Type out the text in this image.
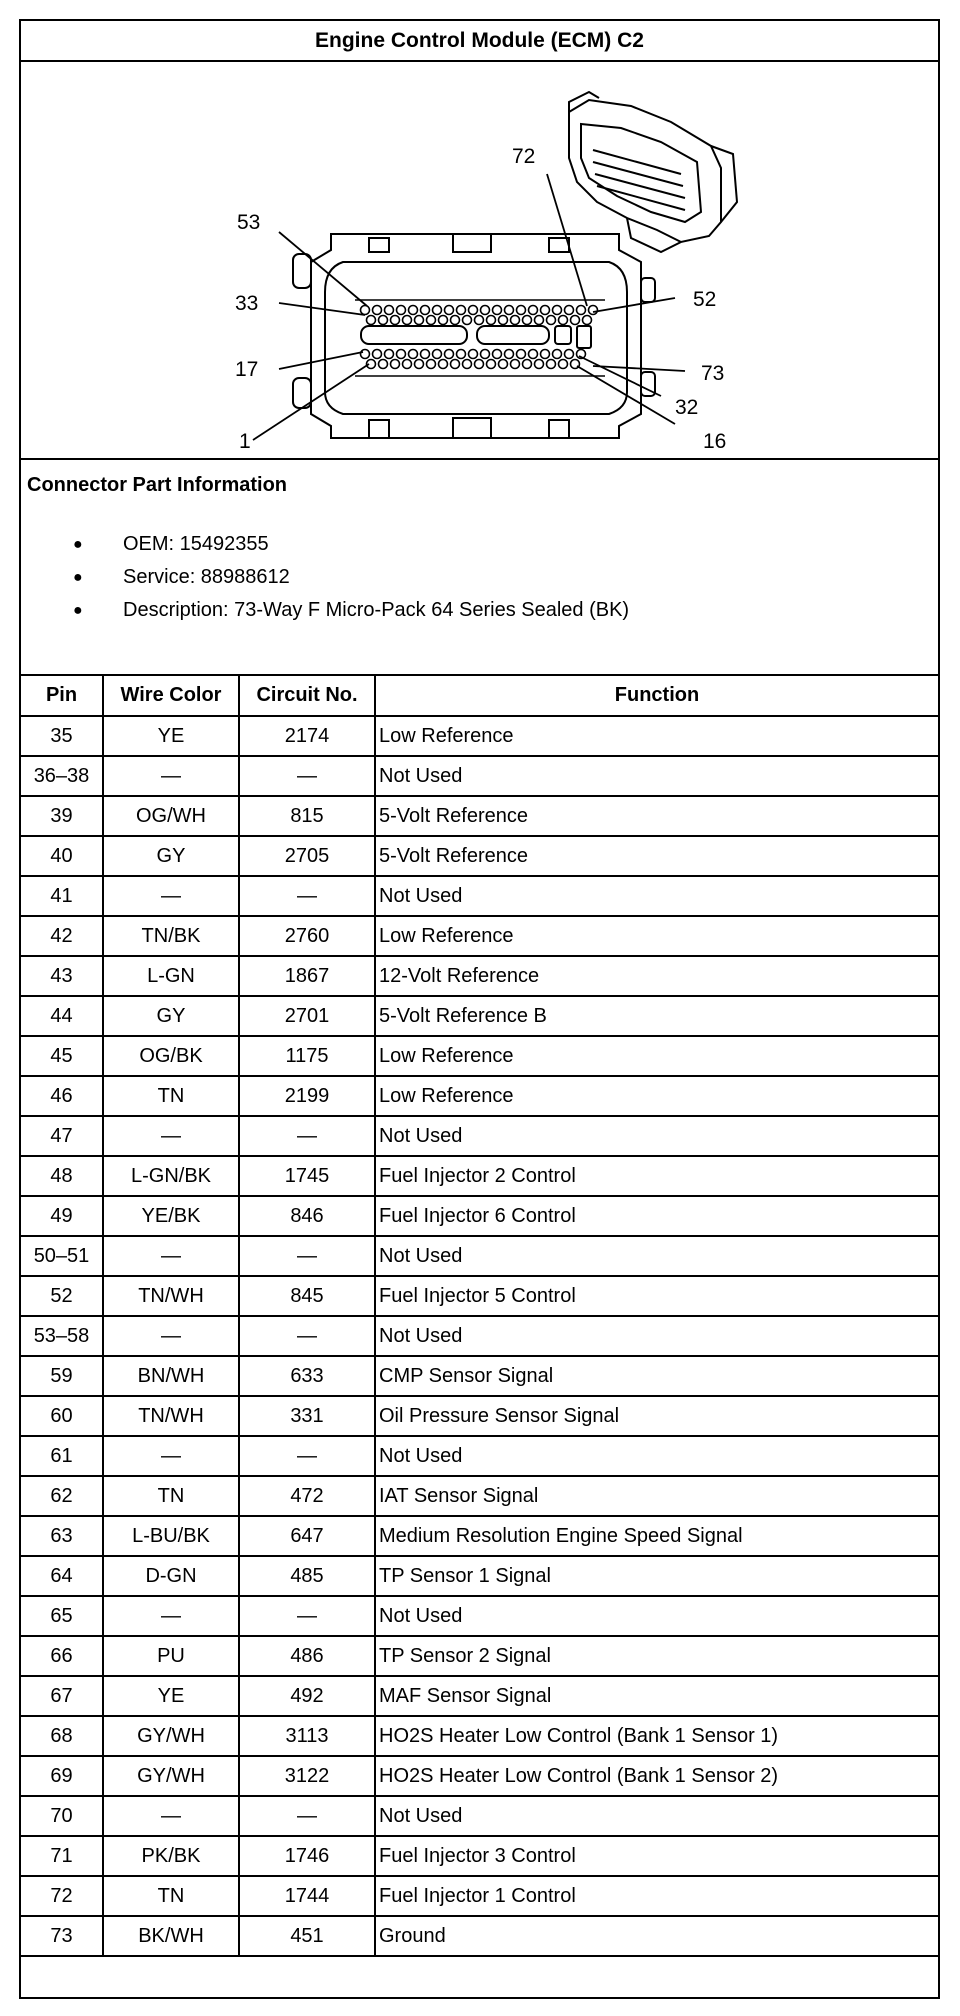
Engine Control Module (ECM) C2
53
33
17
1
72
52
73
32
16
Connector Part Information
● OEM: 15492355
● Service: 88988612
● Description: 73-Way F Micro-Pack 64 Series Sealed (BK)
Pin	Wire Color	Circuit No.	Function
35	YE	2174	Low Reference
36–38	—	—	Not Used
39	OG/WH	815	5-Volt Reference
40	GY	2705	5-Volt Reference
41	—	—	Not Used
42	TN/BK	2760	Low Reference
43	L-GN	1867	12-Volt Reference
44	GY	2701	5-Volt Reference B
45	OG/BK	1175	Low Reference
46	TN	2199	Low Reference
47	—	—	Not Used
48	L-GN/BK	1745	Fuel Injector 2 Control
49	YE/BK	846	Fuel Injector 6 Control
50–51	—	—	Not Used
52	TN/WH	845	Fuel Injector 5 Control
53–58	—	—	Not Used
59	BN/WH	633	CMP Sensor Signal
60	TN/WH	331	Oil Pressure Sensor Signal
61	—	—	Not Used
62	TN	472	IAT Sensor Signal
63	L-BU/BK	647	Medium Resolution Engine Speed Signal
64	D-GN	485	TP Sensor 1 Signal
65	—	—	Not Used
66	PU	486	TP Sensor 2 Signal
67	YE	492	MAF Sensor Signal
68	GY/WH	3113	HO2S Heater Low Control (Bank 1 Sensor 1)
69	GY/WH	3122	HO2S Heater Low Control (Bank 1 Sensor 2)
70	—	—	Not Used
71	PK/BK	1746	Fuel Injector 3 Control
72	TN	1744	Fuel Injector 1 Control
73	BK/WH	451	Ground
